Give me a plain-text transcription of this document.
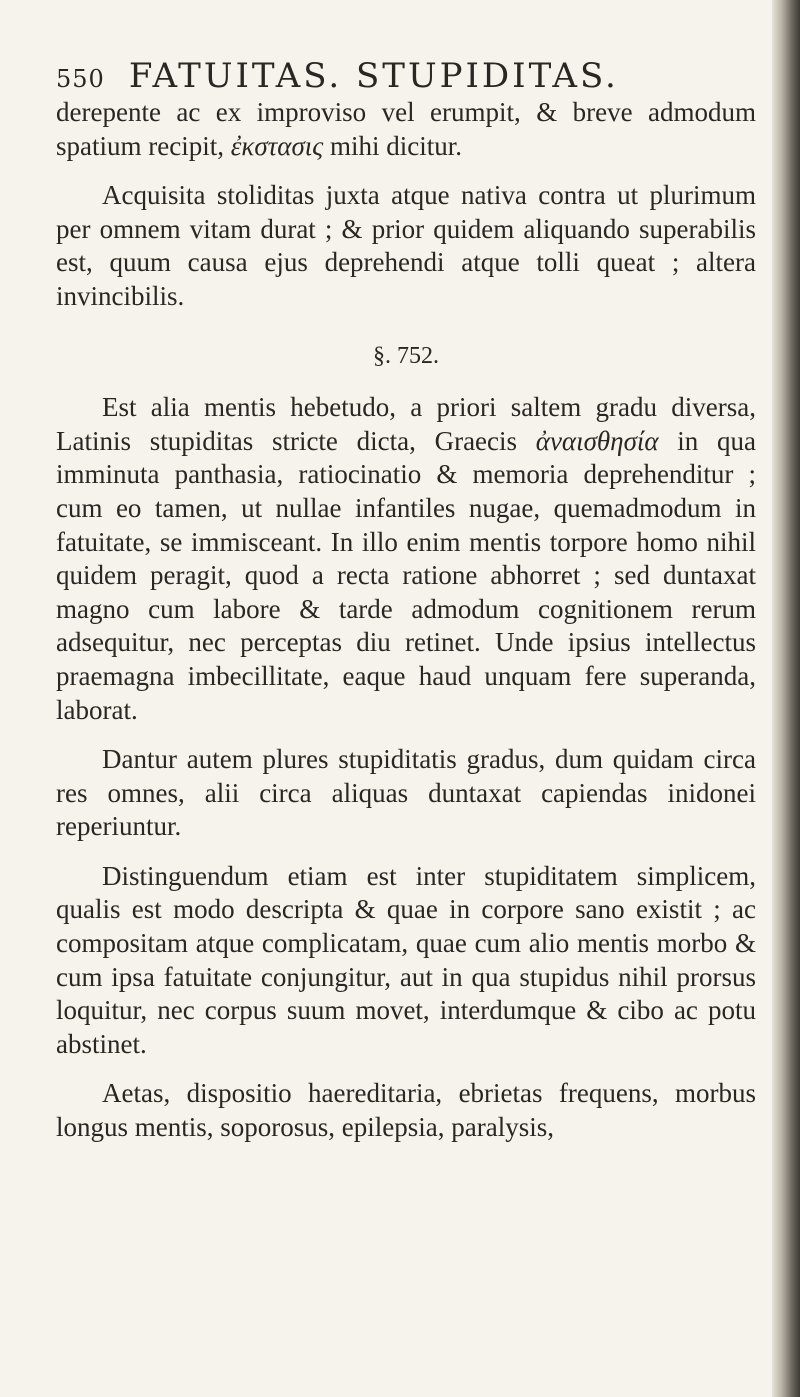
550 FATUITAS. STUPIDITAS.

derepente ac ex improviso vel erumpit, & breve admodum spatium recipit, ἐκστασις mihi dicitur.

Acquisita stoliditas juxta atque nativa contra ut plurimum per omnem vitam durat ; & prior quidem aliquando superabilis est, quum causa ejus deprehendi atque tolli queat ; altera invincibilis.

§. 752.

Est alia mentis hebetudo, a priori saltem gradu diversa, Latinis stupiditas stricte dicta, Graecis ἀναισθησία in qua imminuta panthasia, ratiocinatio & memoria deprehenditur ; cum eo tamen, ut nullae infantiles nugae, quemadmodum in fatuitate, se immisceant. In illo enim mentis torpore homo nihil quidem peragit, quod a recta ratione abhorret ; sed duntaxat magno cum labore & tarde admodum cognitionem rerum adsequitur, nec perceptas diu retinet. Unde ipsius intellectus praemagna imbecillitate, eaque haud unquam fere superanda, laborat.

Dantur autem plures stupiditatis gradus, dum quidam circa res omnes, alii circa aliquas duntaxat capiendas inidonei reperiuntur.

Distinguendum etiam est inter stupiditatem simplicem, qualis est modo descripta & quae in corpore sano existit ; ac compositam atque complicatam, quae cum alio mentis morbo & cum ipsa fatuitate conjungitur, aut in qua stupidus nihil prorsus loquitur, nec corpus suum movet, interdumque & cibo ac potu abstinet.

Aetas, dispositio haereditaria, ebrietas frequens, morbus longus mentis, soporosus, epilepsia, paralysis,
